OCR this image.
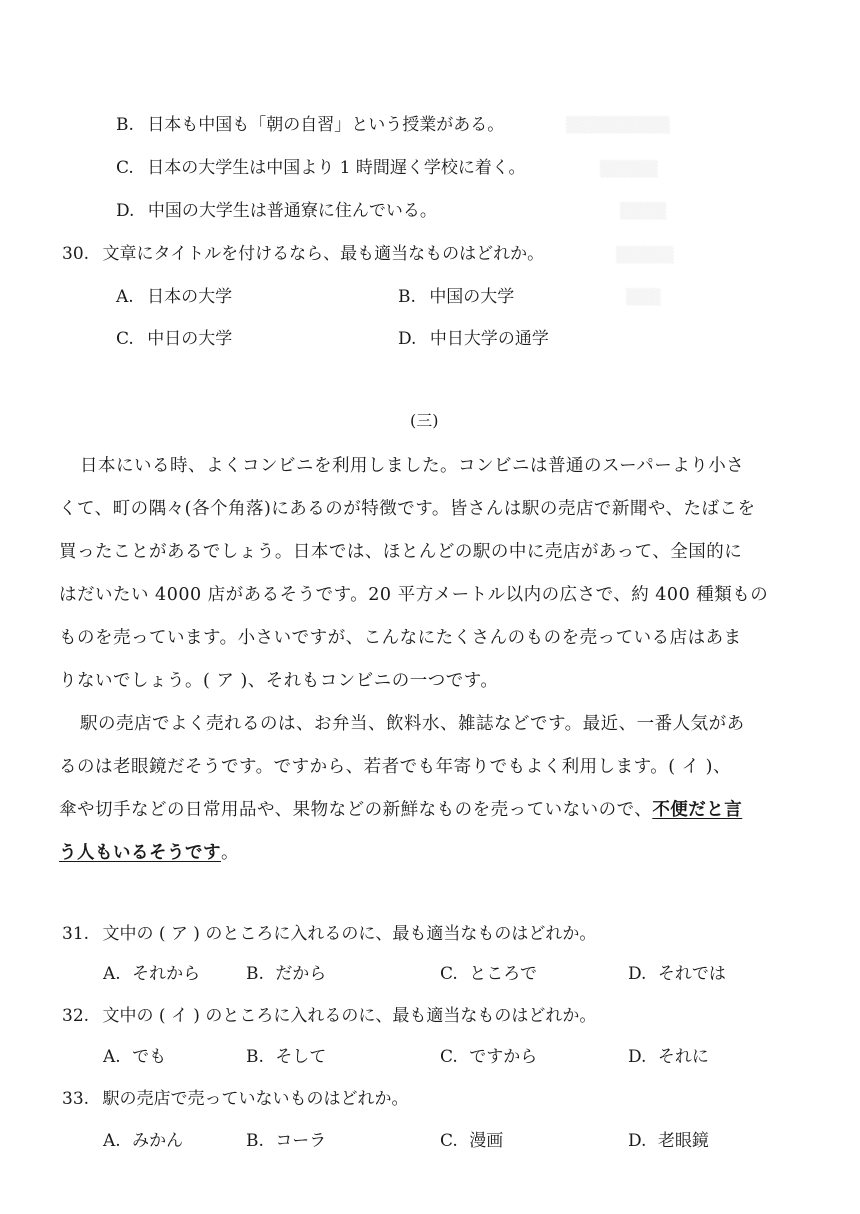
B. 日本も中国も「朝の自習」という授業がある。
C. 日本の大学生は中国より 1 時間遅く学校に着く。
D. 中国の大学生は普通寮に住んでいる。
30. 文章にタイトルを付けるなら、最も適当なものはどれか。
A. 日本の大学	B. 中国の大学
C. 中日の大学	D. 中日大学の通学
▒▒▒▒▒▒▒▒▒
▒▒▒▒▒
▒▒▒▒
▒▒▒▒▒
▒▒▒
(三)
日本にいる時、よくコンビニを利用しました。コンビニは普通のスーパーより小さ
くて、町の隅々(各个角落)にあるのが特徴です。皆さんは駅の売店で新聞や、たばこを
買ったことがあるでしょう。日本では、ほとんどの駅の中に売店があって、全国的に
はだいたい 4000 店があるそうです。20 平方メートル以内の広さで、約 400 種類もの
ものを売っています。小さいですが、こんなにたくさんのものを売っている店はあま
りないでしょう。( ア )、それもコンビニの一つです。
駅の売店でよく売れるのは、お弁当、飲料水、雑誌などです。最近、一番人気があ
るのは老眼鏡だそうです。ですから、若者でも年寄りでもよく利用します。( イ )、
傘や切手などの日常用品や、果物などの新鮮なものを売っていないので、不便だと言
う人もいるそうです。
31. 文中の ( ア ) のところに入れるのに、最も適当なものはどれか。
A. それから	B. だから	C. ところで	D. それでは
32. 文中の ( イ ) のところに入れるのに、最も適当なものはどれか。
A. でも	B. そして	C. ですから	D. それに
33. 駅の売店で売っていないものはどれか。
A. みかん	B. コーラ	C. 漫画	D. 老眼鏡
